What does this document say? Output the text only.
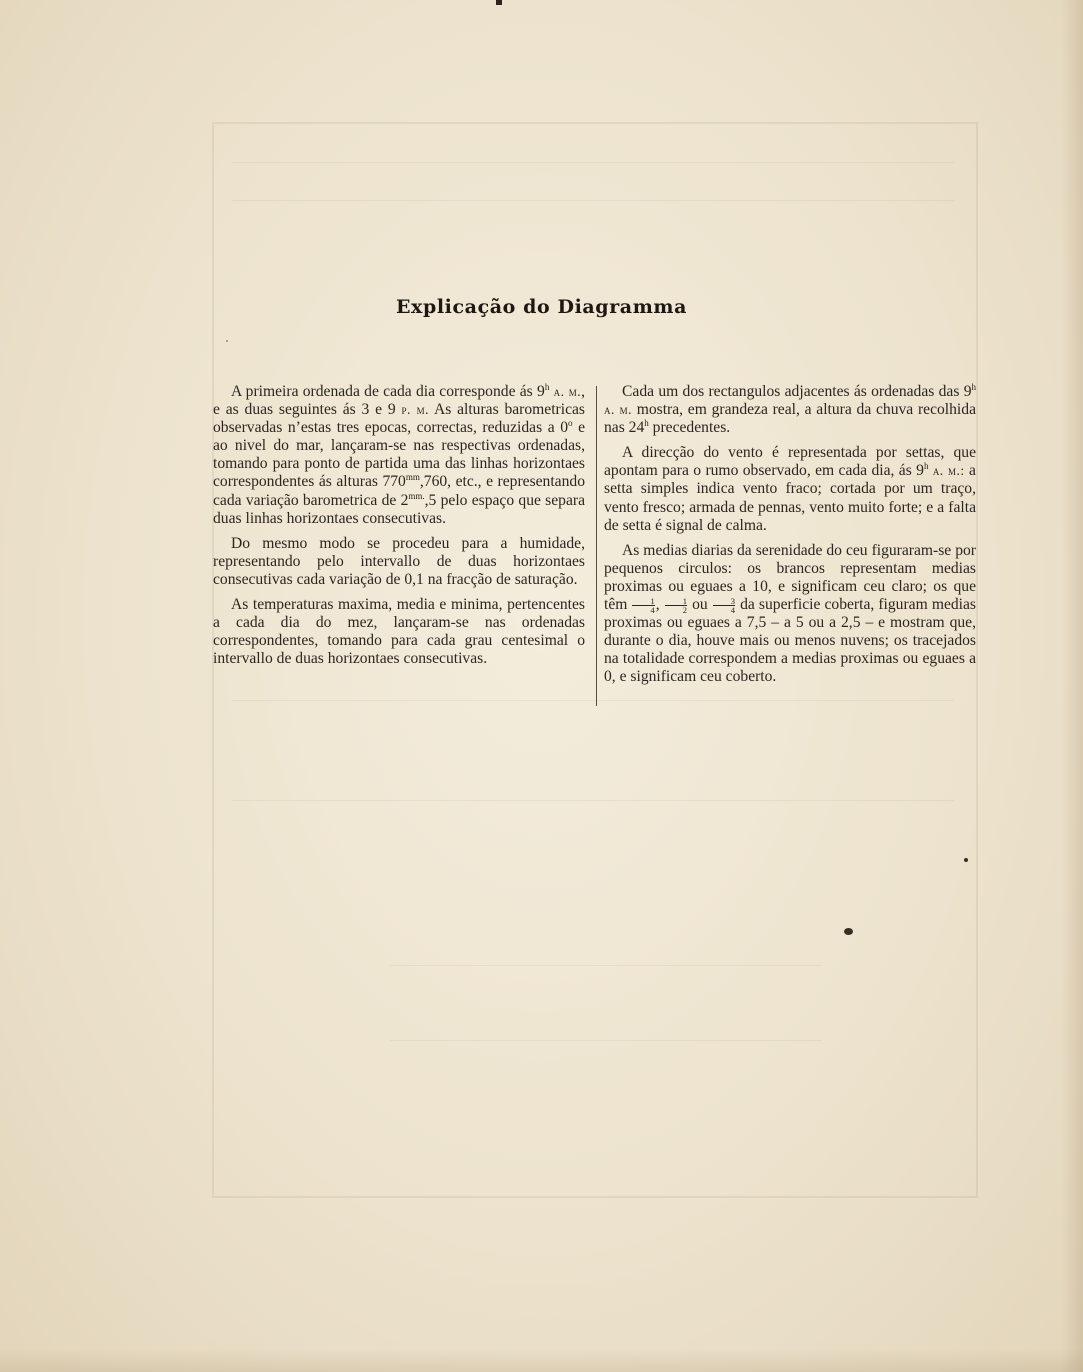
Explicação do Diagramma

A primeira ordenada de cada dia corresponde ás 9$^h$ a. m., e as duas seguintes ás 3 e 9 p. m. As alturas barometricas observadas n’estas tres epocas, correctas, reduzidas a 0$^o$ e ao nivel do mar, lançaram-se nas respectivas ordenadas, tomando para ponto de partida uma das linhas horizontaes correspondentes ás alturas $770^{mm},760$, etc., e representando cada variação barometrica de $2^{mm.},5$ pelo espaço que separa duas linhas horizontaes consecutivas.

Do mesmo modo se procedeu para a humidade, representando pelo intervallo de duas horizontaes consecutivas cada variação de 0,1 na fracção de saturação.

As temperaturas maxima, media e minima, pertencentes a cada dia do mez, lançaram-se nas ordenadas correspondentes, tomando para cada grau centesimal o intervallo de duas horizontaes consecutivas.

Cada um dos rectangulos adjacentes ás ordenadas das 9$^h$ a. m. mostra, em grandeza real, a altura da chuva recolhida nas 24$^h$ precedentes.

A direcção do vento é representada por settas, que apontam para o rumo observado, em cada dia, ás 9$^h$ a. m.: a setta simples indica vento fraco; cortada por um traço, vento fresco; armada de pennas, vento muito forte; e a falta de setta é signal de calma.

As medias diarias da serenidade do ceu figuraram-se por pequenos circulos: os brancos representam medias proximas ou eguaes a 10, e significam ceu claro; os que têm $\frac{1}{4}$ , $\frac{1}{2}$ ou $\frac{3}{4}$ da superficie coberta, figuram medias proximas ou eguaes a 7,5 – a 5 ou a 2,5 – e mostram que, durante o dia, houve mais ou menos nuvens; os tracejados na totalidade correspondem a medias proximas ou eguaes a 0, e significam ceu coberto.
